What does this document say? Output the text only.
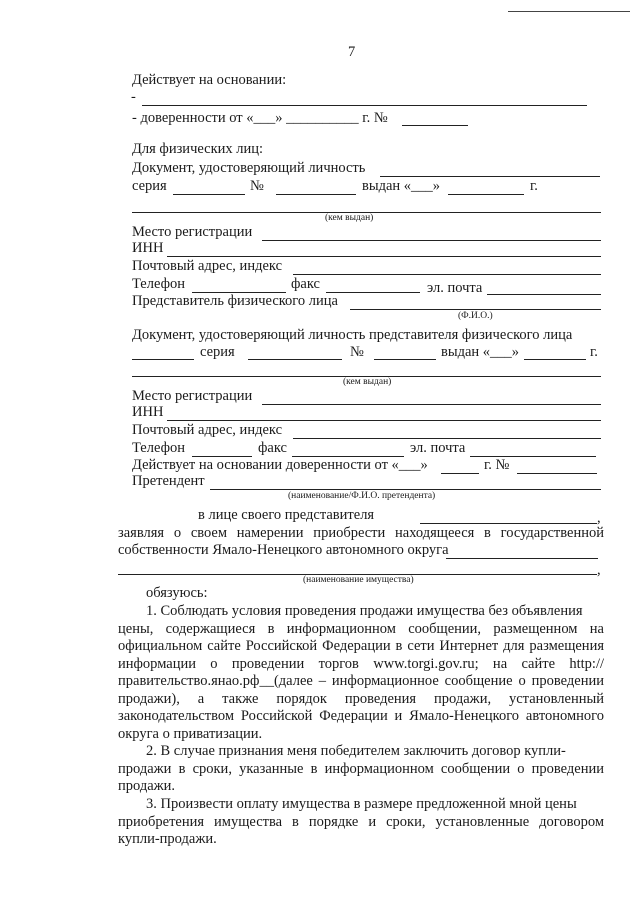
7
Действует на основании:
-
- доверенности от «___» __________ г. №
Для физических лиц:
Документ, удостоверяющий личность
серия	№	выдан «___»	г.
(кем выдан)
Место регистрации
ИНН
Почтовый адрес, индекс
Телефон	факс	эл. почта
Представитель физического лица
(Ф.И.О.)
Документ, удостоверяющий личность представителя физического лица
серия	№	выдан «___»	г.
(кем выдан)
Место регистрации
ИНН
Почтовый адрес, индекс
Телефон	факс	эл. почта
Действует на основании доверенности от «___»	г. №
Претендент
(наименование/Ф.И.О. претендента)
в лице своего представителя	,
заявляя о своем намерении приобрести находящееся в государственной
собственности Ямало-Ненецкого автономного округа
,
(наименование имущества)
обязуюсь:
1. Соблюдать условия проведения продажи имущества без объявления
цены, содержащиеся в информационном сообщении, размещенном на официальном сайте Российской Федерации в сети Интернет для размещения информации о проведении торгов www.torgi.gov.ru; на сайте http://правительство.янао.рф__(далее – информационное сообщение о проведении продажи), а также порядок проведения продажи, установленный законодательством Российской Федерации и Ямало-Ненецкого автономного округа о приватизации.
2. В случае признания меня победителем заключить договор купли-
продажи в сроки, указанные в информационном сообщении о проведении продажи.
3. Произвести оплату имущества в размере предложенной мной цены
приобретения имущества в порядке и сроки, установленные договором купли-продажи.
